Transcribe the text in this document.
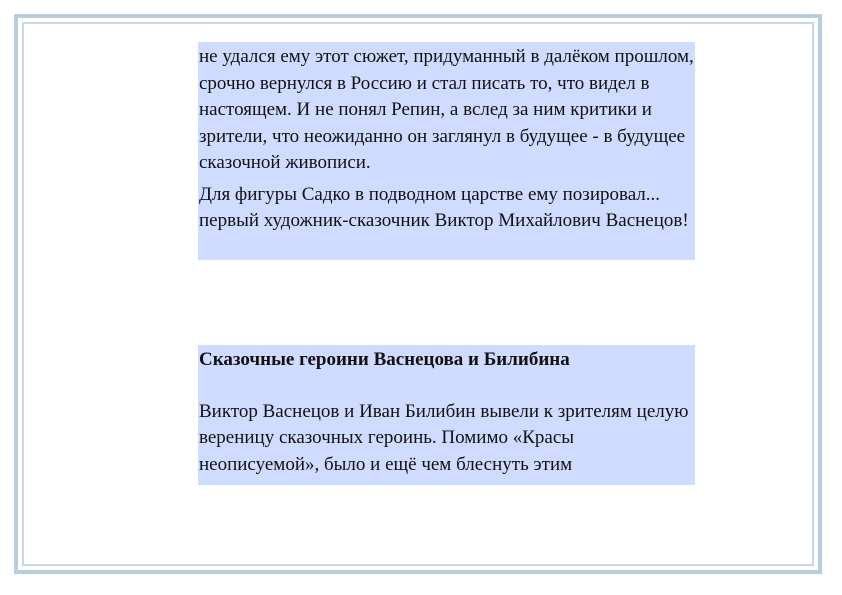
не удался ему этот сюжет, придуманный в далёком прошлом, срочно вернулся в Россию и стал писать то, что видел в настоящем. И не понял Репин, а вслед за ним критики и зрители, что неожиданно он заглянул в будущее - в будущее сказочной живописи.

Для фигуры Садко в подводном царстве ему позировал... первый художник-сказочник Виктор Михайлович Васнецов!

Сказочные героини Васнецова и Билибина

Виктор Васнецов и Иван Билибин вывели к зрителям целую вереницу сказочных героинь. Помимо «Красы неописуемой», было и ещё чем блеснуть этим
